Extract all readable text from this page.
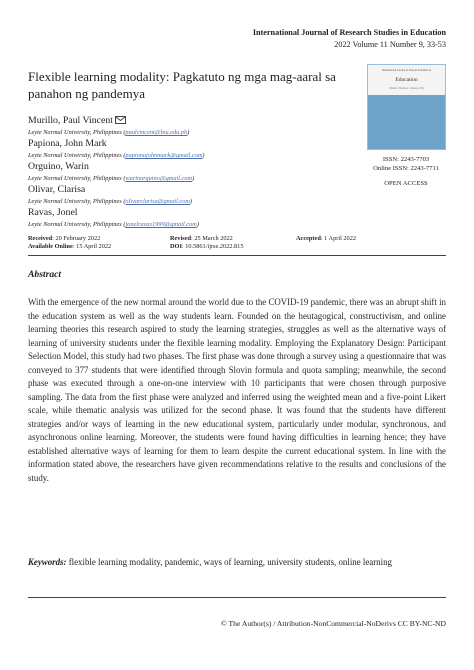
International Journal of Research Studies in Education
2022 Volume 11 Number 9, 33-53
Flexible learning modality: Pagkatuto ng mga mag-aaral sa panahon ng pandemya
International Journal of Research Studies in
Education
Volume 1 Number 1 January 2012
ISSN: 2243-7703
Online ISSN: 2243-7711
OPEN ACCESS
Murillo, Paul Vincent
Leyte Normal University, Philippines (paulvincent@lnu.edu.ph)
Papiona, John Mark
Leyte Normal University, Philippines (papionajohnmark@gmail.com)
Orguino, Warin
Leyte Normal University, Philippines (warinorguino@gmail.com)
Olivar, Clarisa
Leyte Normal University, Philippines (olivarclarisa@gmail.com)
Ravas, Jonel
Leyte Normal University, Philippines (jonelravas1999@gmail.com)
Received: 20 February 2022	Revised: 25 March 2022	Accepted: 1 April 2022
Available Online: 15 April 2022	DOI: 10.5861/ijrse.2022.815
Abstract
With the emergence of the new normal around the world due to the COVID-19 pandemic, there was an abrupt shift in the education system as well as the way students learn. Founded on the heutagogical, constructivism, and online learning theories this research aspired to study the learning strategies, struggles as well as the alternative ways of learning of university students under the flexible learning modality. Employing the Explanatory Design: Participant Selection Model, this study had two phases. The first phase was done through a survey using a questionnaire that was conveyed to 377 students that were identified through Slovin formula and quota sampling; meanwhile, the second phase was executed through a one-on-one interview with 10 participants that were chosen through purposive sampling. The data from the first phase were analyzed and inferred using the weighted mean and a five-point Likert scale, while thematic analysis was utilized for the second phase. It was found that the students have different strategies and/or ways of learning in the new educational system, particularly under modular, synchronous, and asynchronous online learning. Moreover, the students were found having difficulties in learning hence; they have established alternative ways of learning for them to learn despite the current educational system. In line with the information stated above, the researchers have given recommendations relative to the results and conclusions of the study.
Keywords: flexible learning modality, pandemic, ways of learning, university students, online learning
© The Author(s) / Attribution-NonCommercial-NoDerivs CC BY-NC-ND
